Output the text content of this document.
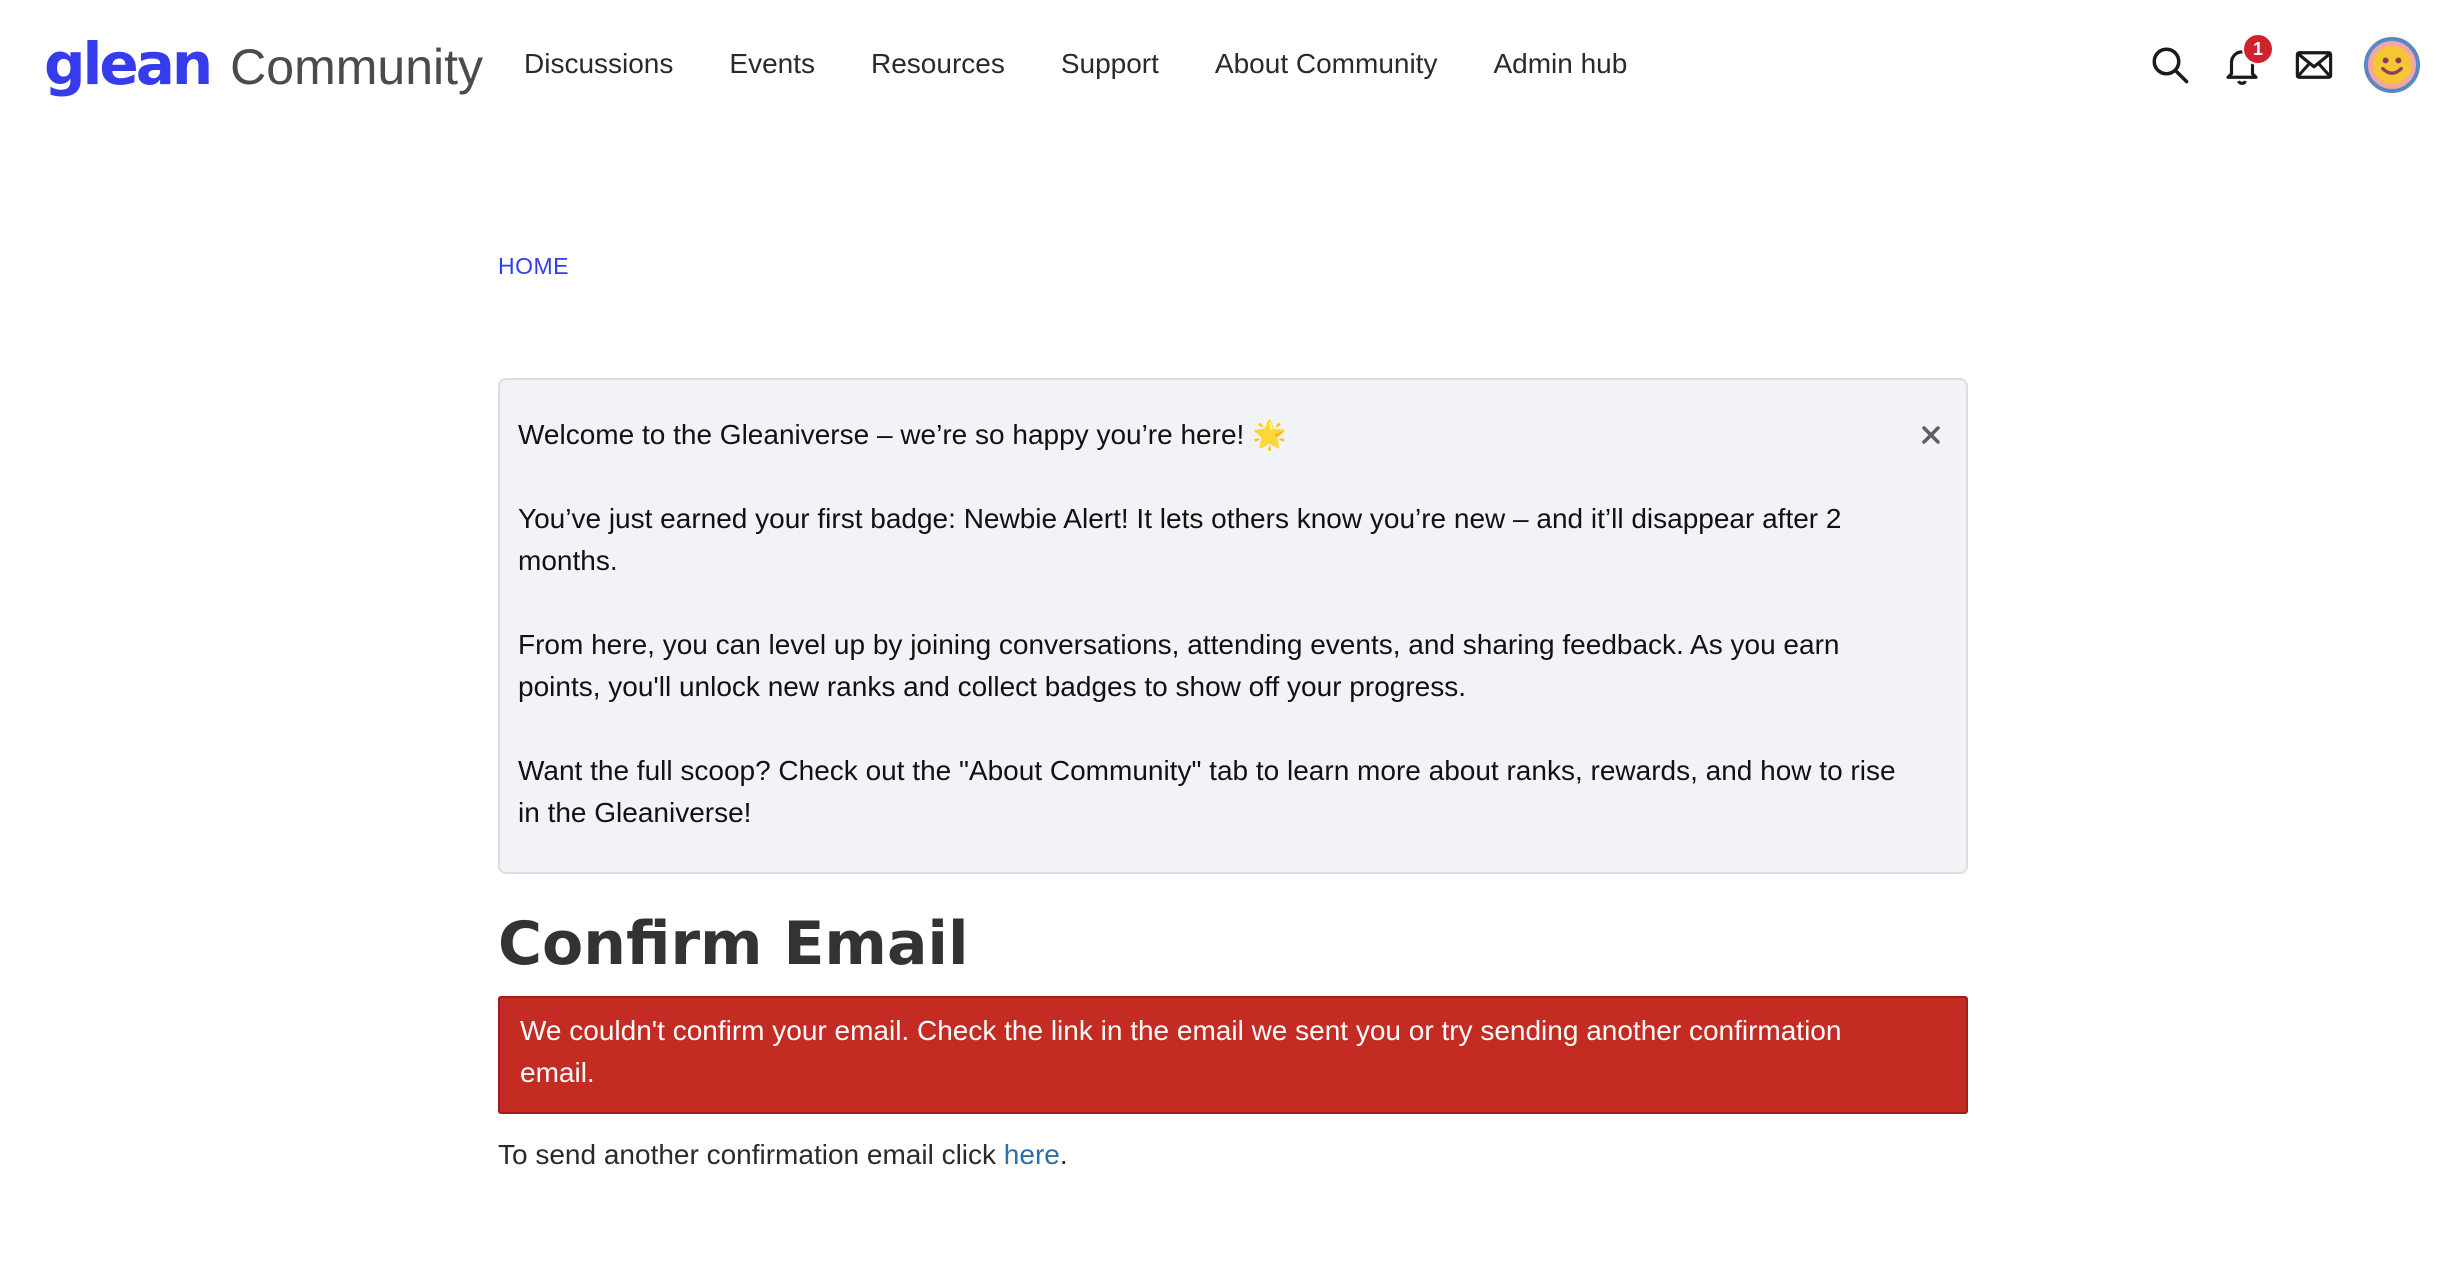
glean Community Discussions Events Resources Support About Community Admin hub	1
HOME

Welcome to the Gleaniverse – we’re so happy you’re here! 🌟

You’ve just earned your first badge: Newbie Alert! It lets others know you’re new – and it’ll disappear after 2 months.

From here, you can level up by joining conversations, attending events, and sharing feedback. As you earn points, you'll unlock new ranks and collect badges to show off your progress.

Want the full scoop? Check out the "About Community" tab to learn more about ranks, rewards, and how to rise in the Gleaniverse!

Confirm Email
We couldn't confirm your email. Check the link in the email we sent you or try sending another confirmation email.
To send another confirmation email click here.
